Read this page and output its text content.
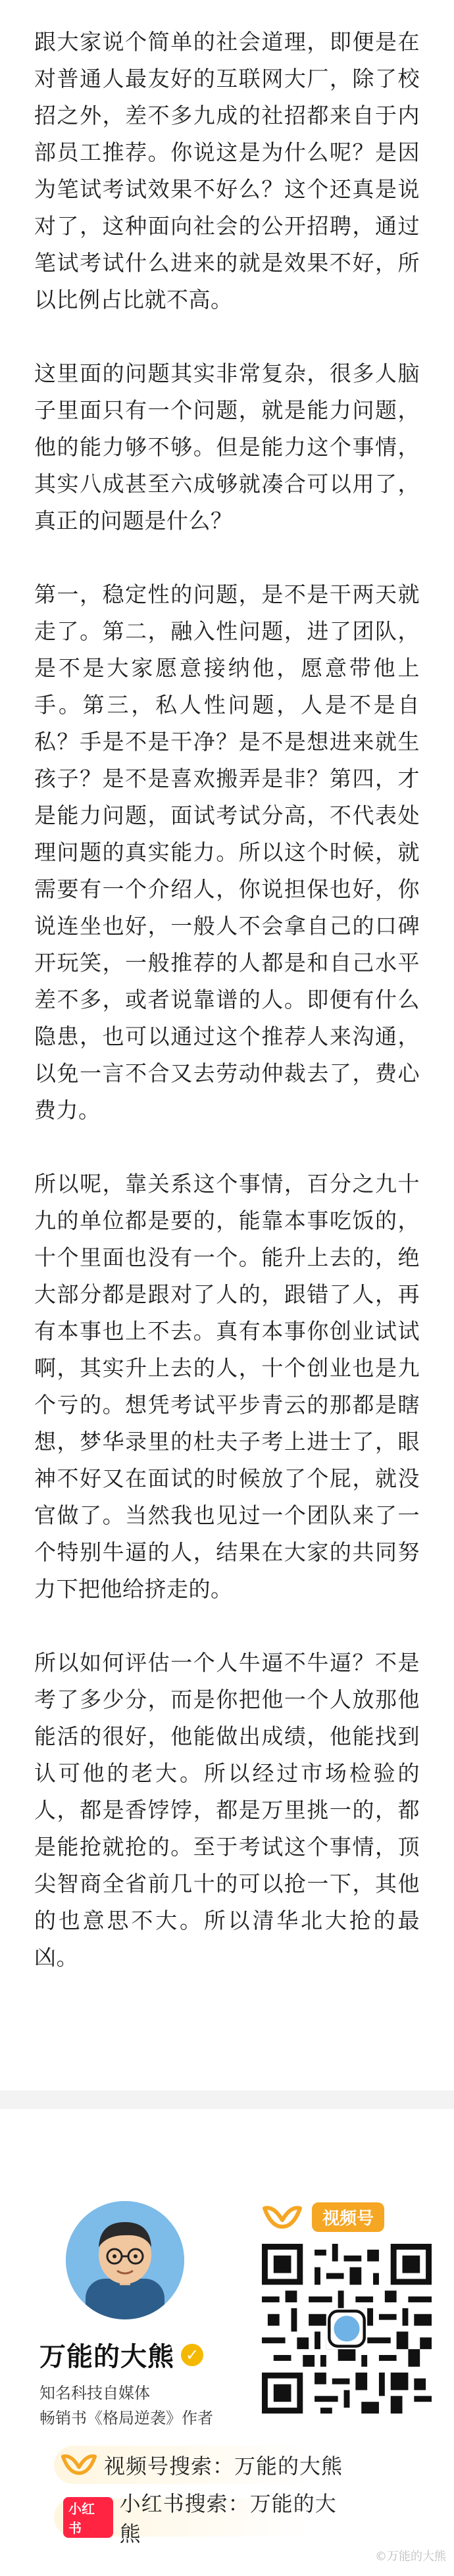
跟大家说个简单的社会道理，即便是在对普通人最友好的互联网大厂，除了校招之外，差不多九成的社招都来自于内部员工推荐。你说这是为什么呢？是因为笔试考试效果不好么？这个还真是说对了，这种面向社会的公开招聘，通过笔试考试什么进来的就是效果不好，所以比例占比就不高。

这里面的问题其实非常复杂，很多人脑子里面只有一个问题，就是能力问题，他的能力够不够。但是能力这个事情，其实八成甚至六成够就凑合可以用了，真正的问题是什么？

第一，稳定性的问题，是不是干两天就走了。第二，融入性问题，进了团队，是不是大家愿意接纳他，愿意带他上手。第三，私人性问题，人是不是自私？手是不是干净？是不是想进来就生孩子？是不是喜欢搬弄是非？第四，才是能力问题，面试考试分高，不代表处理问题的真实能力。所以这个时候，就需要有一个介绍人，你说担保也好，你说连坐也好，一般人不会拿自己的口碑开玩笑，一般推荐的人都是和自己水平差不多，或者说靠谱的人。即便有什么隐患，也可以通过这个推荐人来沟通，以免一言不合又去劳动仲裁去了，费心费力。

所以呢，靠关系这个事情，百分之九十九的单位都是要的，能靠本事吃饭的，十个里面也没有一个。能升上去的，绝大部分都是跟对了人的，跟错了人，再有本事也上不去。真有本事你创业试试啊，其实升上去的人，十个创业也是九个亏的。想凭考试平步青云的那都是瞎想，梦华录里的杜夫子考上进士了，眼神不好又在面试的时候放了个屁，就没官做了。当然我也见过一个团队来了一个特别牛逼的人，结果在大家的共同努力下把他给挤走的。

所以如何评估一个人牛逼不牛逼？不是考了多少分，而是你把他一个人放那他能活的很好，他能做出成绩，他能找到认可他的老大。所以经过市场检验的人，都是香饽饽，都是万里挑一的，都是能抢就抢的。至于考试这个事情，顶尖智商全省前几十的可以抢一下，其他的也意思不大。所以清华北大抢的最凶。

万能的大熊 ✓
知名科技自媒体
畅销书《格局逆袭》作者
视频号
视频号搜索：万能的大熊
小红书
小红书搜索：万能的大熊
©万能的大熊
